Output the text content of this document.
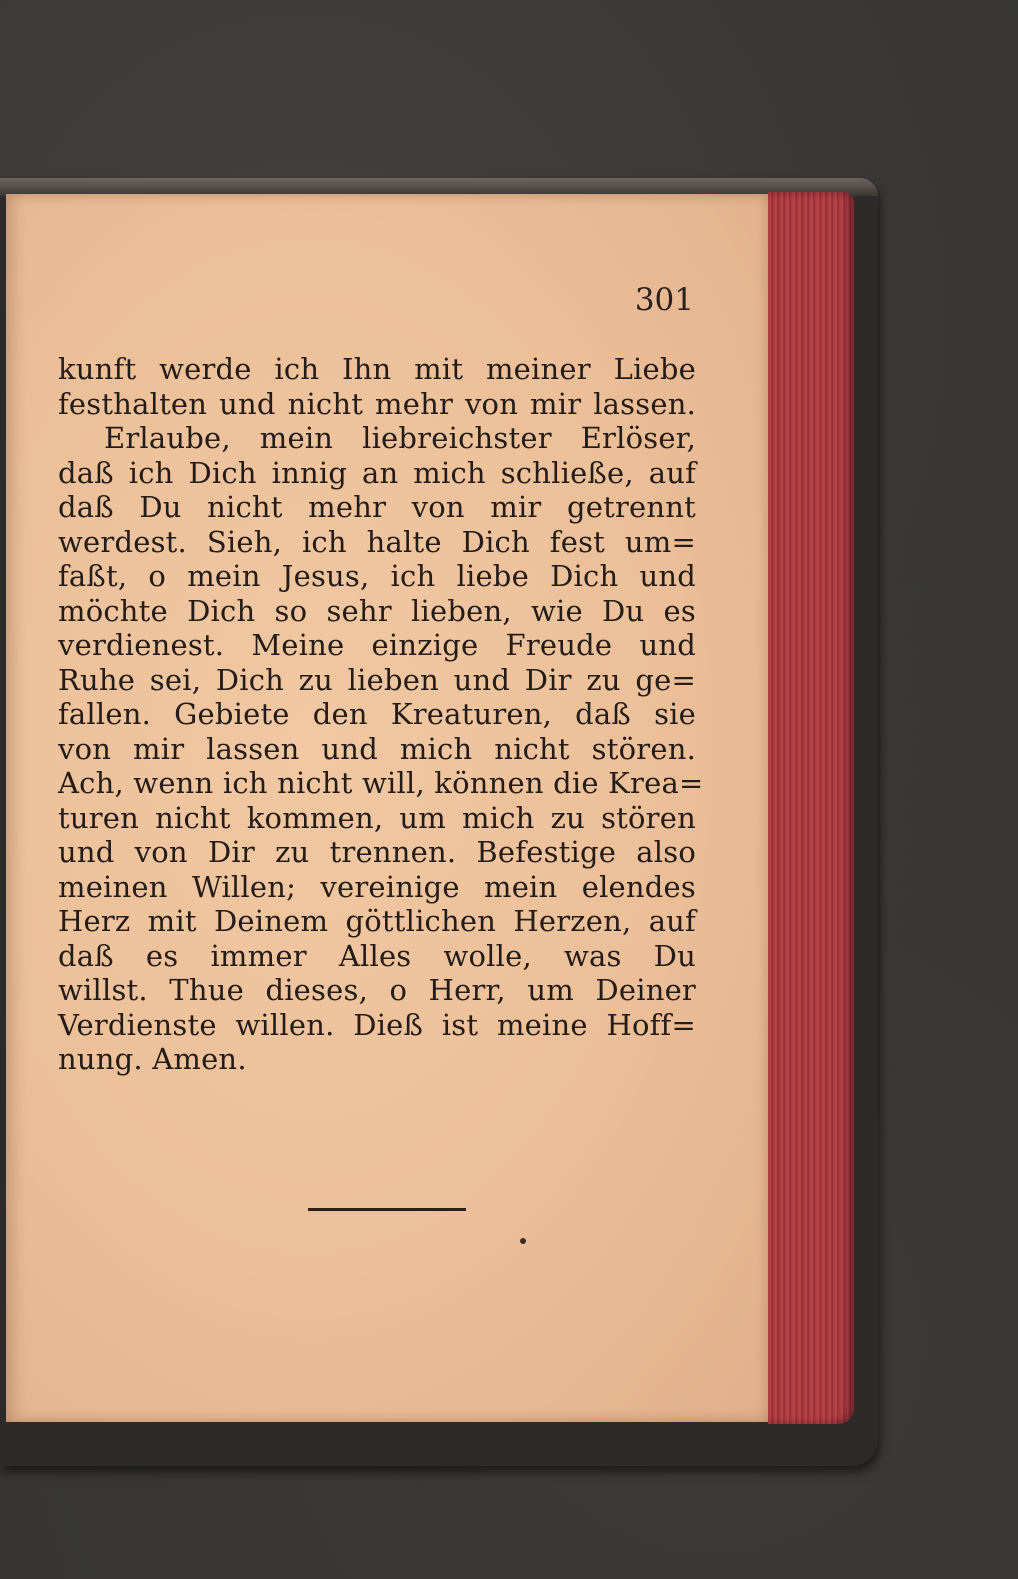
301

kunft werde ich Ihn mit meiner Liebe
festhalten und nicht mehr von mir lassen.
Erlaube, mein liebreichster Erlöser,
daß ich Dich innig an mich schließe, auf
daß Du nicht mehr von mir getrennt
werdest. Sieh, ich halte Dich fest um=
faßt, o mein Jesus, ich liebe Dich und
möchte Dich so sehr lieben, wie Du es
verdienest. Meine einzige Freude und
Ruhe sei, Dich zu lieben und Dir zu ge=
fallen. Gebiete den Kreaturen, daß sie
von mir lassen und mich nicht stören.
Ach, wenn ich nicht will, können die Krea=
turen nicht kommen, um mich zu stören
und von Dir zu trennen. Befestige also
meinen Willen; vereinige mein elendes
Herz mit Deinem göttlichen Herzen, auf
daß es immer Alles wolle, was Du
willst. Thue dieses, o Herr, um Deiner
Verdienste willen. Dieß ist meine Hoff=
nung. Amen.
